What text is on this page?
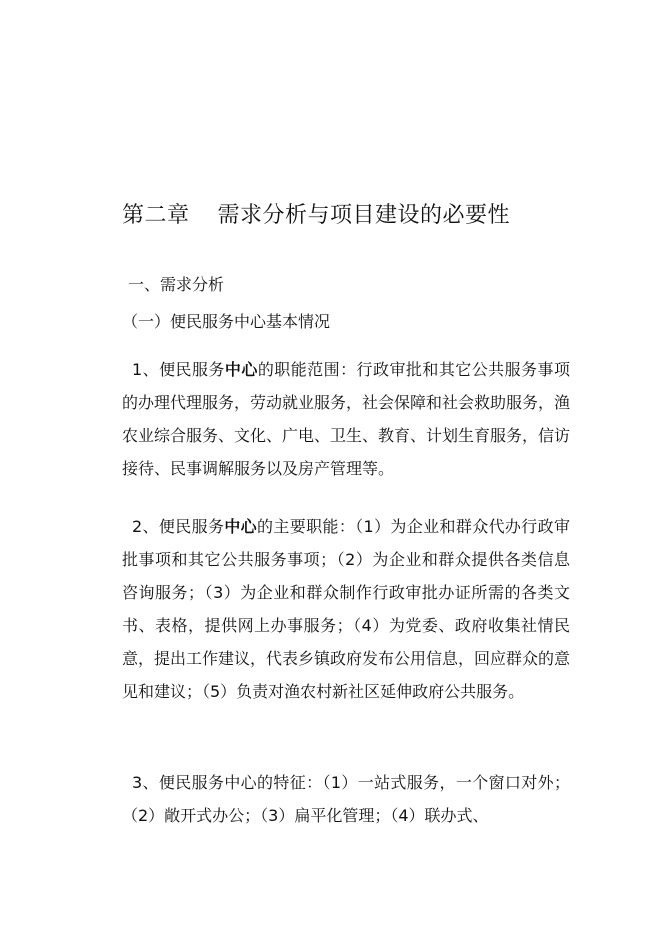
第二章 需求分析与项目建设的必要性
一、需求分析
（一）便民服务中心基本情况
1、便民服务中心的职能范围：行政审批和其它公共服务事项的办理代理服务，劳动就业服务，社会保障和社会救助服务，渔农业综合服务、文化、广电、卫生、教育、计划生育服务，信访接待、民事调解服务以及房产管理等。
2、便民服务中心的主要职能：（1）为企业和群众代办行政审批事项和其它公共服务事项；（2）为企业和群众提供各类信息咨询服务；（3）为企业和群众制作行政审批办证所需的各类文书、表格，提供网上办事服务；（4）为党委、政府收集社情民意，提出工作建议，代表乡镇政府发布公用信息，回应群众的意见和建议；（5）负责对渔农村新社区延伸政府公共服务。
3、便民服务中心的特征：（1）一站式服务，一个窗口对外；（2）敞开式办公；（3）扁平化管理；（4）联办式、
